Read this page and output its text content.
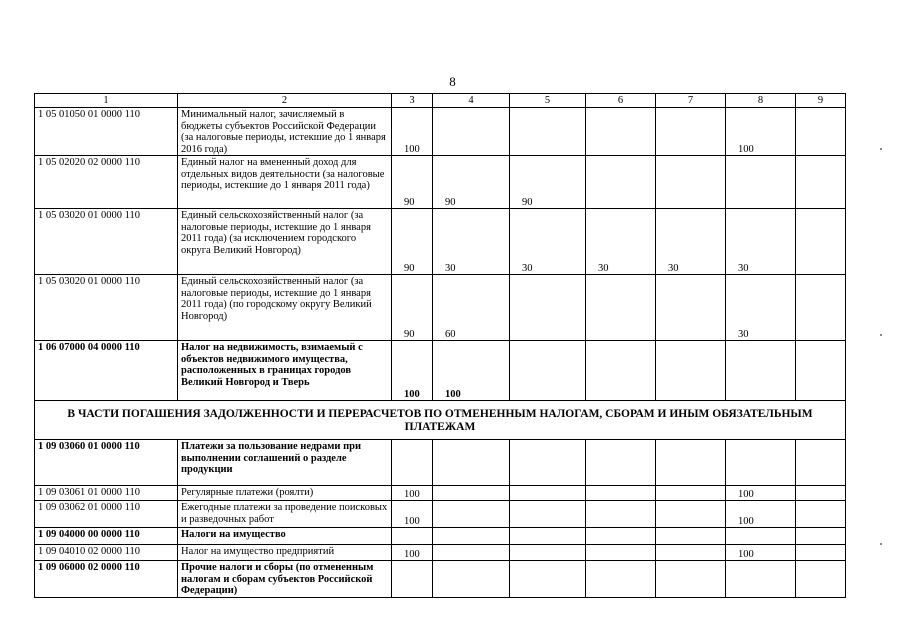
8
1	2	3	4	5	6	7	8	9
1 05 01050 01 0000 110	Минимальный налог, зачисляемый в бюджеты субъектов Российской Федерации (за налоговые периоды, истекшие до 1 января 2016 года)	100					100	
1 05 02020 02 0000 110	Единый налог на вмененный доход для отдельных видов деятельности (за налоговые периоды, истекшие до 1 января 2011 года)	90	90	90				
1 05 03020 01 0000 110	Единый сельскохозяйственный налог (за налоговые периоды, истекшие до 1 января 2011 года) (за исключением городского округа Великий Новгород)	90	30	30	30	30	30	
1 05 03020 01 0000 110	Единый сельскохозяйственный налог (за налоговые периоды, истекшие до 1 января 2011 года) (по городскому округу Великий Новгород)	90	60				30	
1 06 07000 04 0000 110	Налог на недвижимость, взимаемый с объектов недвижимого имущества, расположенных в границах городов Великий Новгород и Тверь	100	100					
В ЧАСТИ ПОГАШЕНИЯ ЗАДОЛЖЕННОСТИ И ПЕРЕРАСЧЕТОВ ПО ОТМЕНЕННЫМ НАЛОГАМ, СБОРАМ И ИНЫМ ОБЯЗАТЕЛЬНЫМ ПЛАТЕЖАМ								
1 09 03060 01 0000 110	Платежи за пользование недрами при выполнении соглашений о разделе продукции							
1 09 03061 01 0000 110	Регулярные платежи (роялти)	100					100	
1 09 03062 01 0000 110	Ежегодные платежи за проведение поисковых и разведочных работ	100					100	
1 09 04000 00 0000 110	Налоги на имущество							
1 09 04010 02 0000 110	Налог на имущество предприятий	100					100	
1 09 06000 02 0000 110	Прочие налоги и сборы (по отмененным налогам и сборам субъектов Российской Федерации)							
